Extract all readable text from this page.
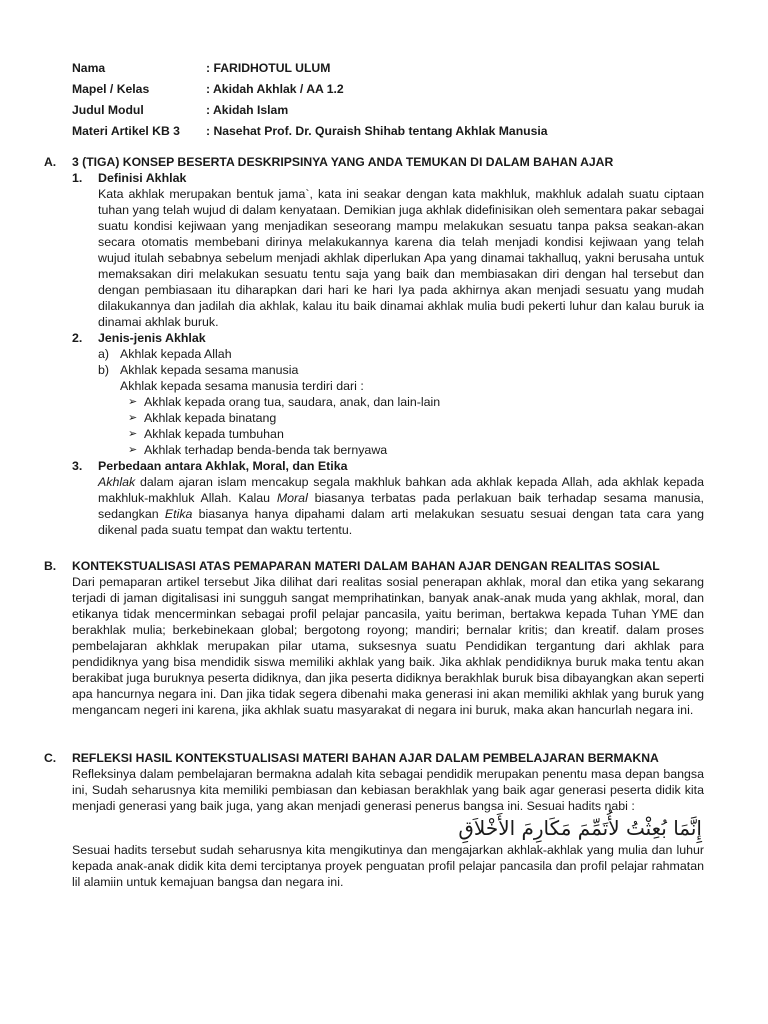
Nama	: FARIDHOTUL ULUM
Mapel / Kelas	: Akidah Akhlak / AA 1.2
Judul Modul	: Akidah Islam
Materi Artikel KB 3	: Nasehat Prof. Dr. Quraish Shihab tentang Akhlak Manusia
A.	3 (TIGA) KONSEP BESERTA DESKRIPSINYA YANG ANDA TEMUKAN DI DALAM BAHAN AJAR
1.	Definisi Akhlak

Kata akhlak merupakan bentuk jama`, kata ini seakar dengan kata makhluk, makhluk adalah suatu ciptaan tuhan yang telah wujud di dalam kenyataan. Demikian juga akhlak didefinisikan oleh sementara pakar sebagai suatu kondisi kejiwaan yang menjadikan seseorang mampu melakukan sesuatu tanpa paksa seakan-akan secara otomatis membebani dirinya melakukannya karena dia telah menjadi kondisi kejiwaan yang telah wujud itulah sebabnya sebelum menjadi akhlak diperlukan Apa yang dinamai takhalluq, yakni berusaha untuk memaksakan diri melakukan sesuatu tentu saja yang baik dan membiasakan diri dengan hal tersebut dan dengan pembiasaan itu diharapkan dari hari ke hari Iya pada akhirnya akan menjadi sesuatu yang mudah dilakukannya dan jadilah dia akhlak, kalau itu baik dinamai akhlak mulia budi pekerti luhur dan kalau buruk ia dinamai akhlak buruk.

2.	Jenis-jenis Akhlak
a) Akhlak kepada Allah
b) Akhlak kepada sesama manusia
Akhlak kepada sesama manusia terdiri dari :
➢ Akhlak kepada orang tua, saudara, anak, dan lain-lain
➢ Akhlak kepada binatang
➢ Akhlak kepada tumbuhan
➢ Akhlak terhadap benda-benda tak bernyawa
3.	Perbedaan antara Akhlak, Moral, dan Etika

Akhlak dalam ajaran islam mencakup segala makhluk bahkan ada akhlak kepada Allah, ada akhlak kepada makhluk-makhluk Allah. Kalau Moral biasanya terbatas pada perlakuan baik terhadap sesama manusia, sedangkan Etika biasanya hanya dipahami dalam arti melakukan sesuatu sesuai dengan tata cara yang dikenal pada suatu tempat dan waktu tertentu.

B.	KONTEKSTUALISASI ATAS PEMAPARAN MATERI DALAM BAHAN AJAR DENGAN REALITAS SOSIAL

Dari pemaparan artikel tersebut Jika dilihat dari realitas sosial penerapan akhlak, moral dan etika yang sekarang terjadi di jaman digitalisasi ini sungguh sangat memprihatinkan, banyak anak-anak muda yang akhlak, moral, dan etikanya tidak mencerminkan sebagai profil pelajar pancasila, yaitu beriman, bertakwa kepada Tuhan YME dan berakhlak mulia; berkebinekaan global; bergotong royong; mandiri; bernalar kritis; dan kreatif. dalam proses pembelajaran akhklak merupakan pilar utama, suksesnya suatu Pendidikan tergantung dari akhlak para pendidiknya yang bisa mendidik siswa memiliki akhlak yang baik. Jika akhlak pendidiknya buruk maka tentu akan berakibat juga buruknya peserta didiknya, dan jika peserta didiknya berakhlak buruk bisa dibayangkan akan seperti apa hancurnya negara ini. Dan jika tidak segera dibenahi maka generasi ini akan memiliki akhlak yang buruk yang mengancam negeri ini karena, jika akhlak suatu masyarakat di negara ini buruk, maka akan hancurlah negara ini.

C.	REFLEKSI HASIL KONTEKSTUALISASI MATERI BAHAN AJAR DALAM PEMBELAJARAN BERMAKNA

Refleksinya dalam pembelajaran bermakna adalah kita sebagai pendidik merupakan penentu masa depan bangsa ini, Sudah seharusnya kita memiliki pembiasan dan kebiasan berakhlak yang baik agar generasi peserta didik kita menjadi generasi yang baik juga, yang akan menjadi generasi penerus bangsa ini. Sesuai hadits nabi :

إِنَّمَا بُعِثْتُ لأُتَمِّمَ مَكَارِمَ الأَخْلاَقِ

Sesuai hadits tersebut sudah seharusnya kita mengikutinya dan mengajarkan akhlak-akhlak yang mulia dan luhur kepada anak-anak didik kita demi terciptanya proyek penguatan profil pelajar pancasila dan profil pelajar rahmatan lil alamiin untuk kemajuan bangsa dan negara ini.
